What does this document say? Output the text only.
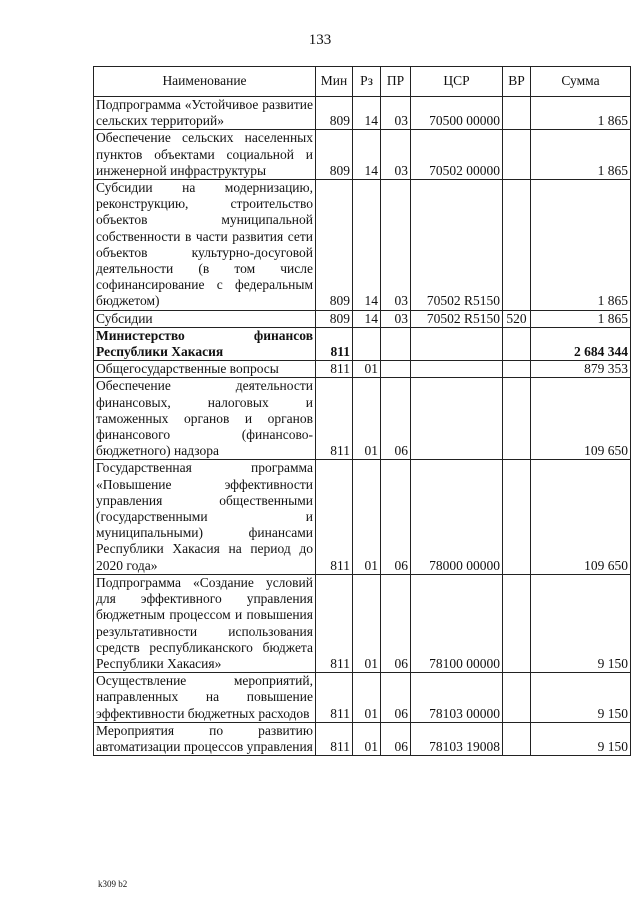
133
Наименование	Мин	Рз	ПР	ЦСР	ВР	Сумма
Подпрограмма «Устойчивое развитие сельских территорий»	809	14	03	70500 00000		1 865
Обеспечение сельских населенных пунктов объектами социальной и инженерной инфраструктуры	809	14	03	70502 00000		1 865
Субсидии на модернизацию, реконструкцию, строительство объектов муниципальной собственности в части развития сети объектов культурно-досуговой деятельности (в том числе софинансирование с федеральным бюджетом)	809	14	03	70502 R5150		1 865
Субсидии	809	14	03	70502 R5150	520	1 865
Министерство финансов Республики Хакасия	811					2 684 344
Общегосударственные вопросы	811	01				879 353
Обеспечение деятельности финансовых, налоговых и таможенных органов и органов финансового (финансово-бюджетного) надзора	811	01	06			109 650
Государственная программа «Повышение эффективности управления общественными (государственными и муниципальными) финансами Республики Хакасия на период до 2020 года»	811	01	06	78000 00000		109 650
Подпрограмма «Создание условий для эффективного управления бюджетным процессом и повышения результативности использования средств республиканского бюджета Республики Хакасия»	811	01	06	78100 00000		9 150
Осуществление мероприятий, направленных на повышение эффективности бюджетных расходов	811	01	06	78103 00000		9 150
Мероприятия по развитию автоматизации процессов управления	811	01	06	78103 19008		9 150
k309 b2
